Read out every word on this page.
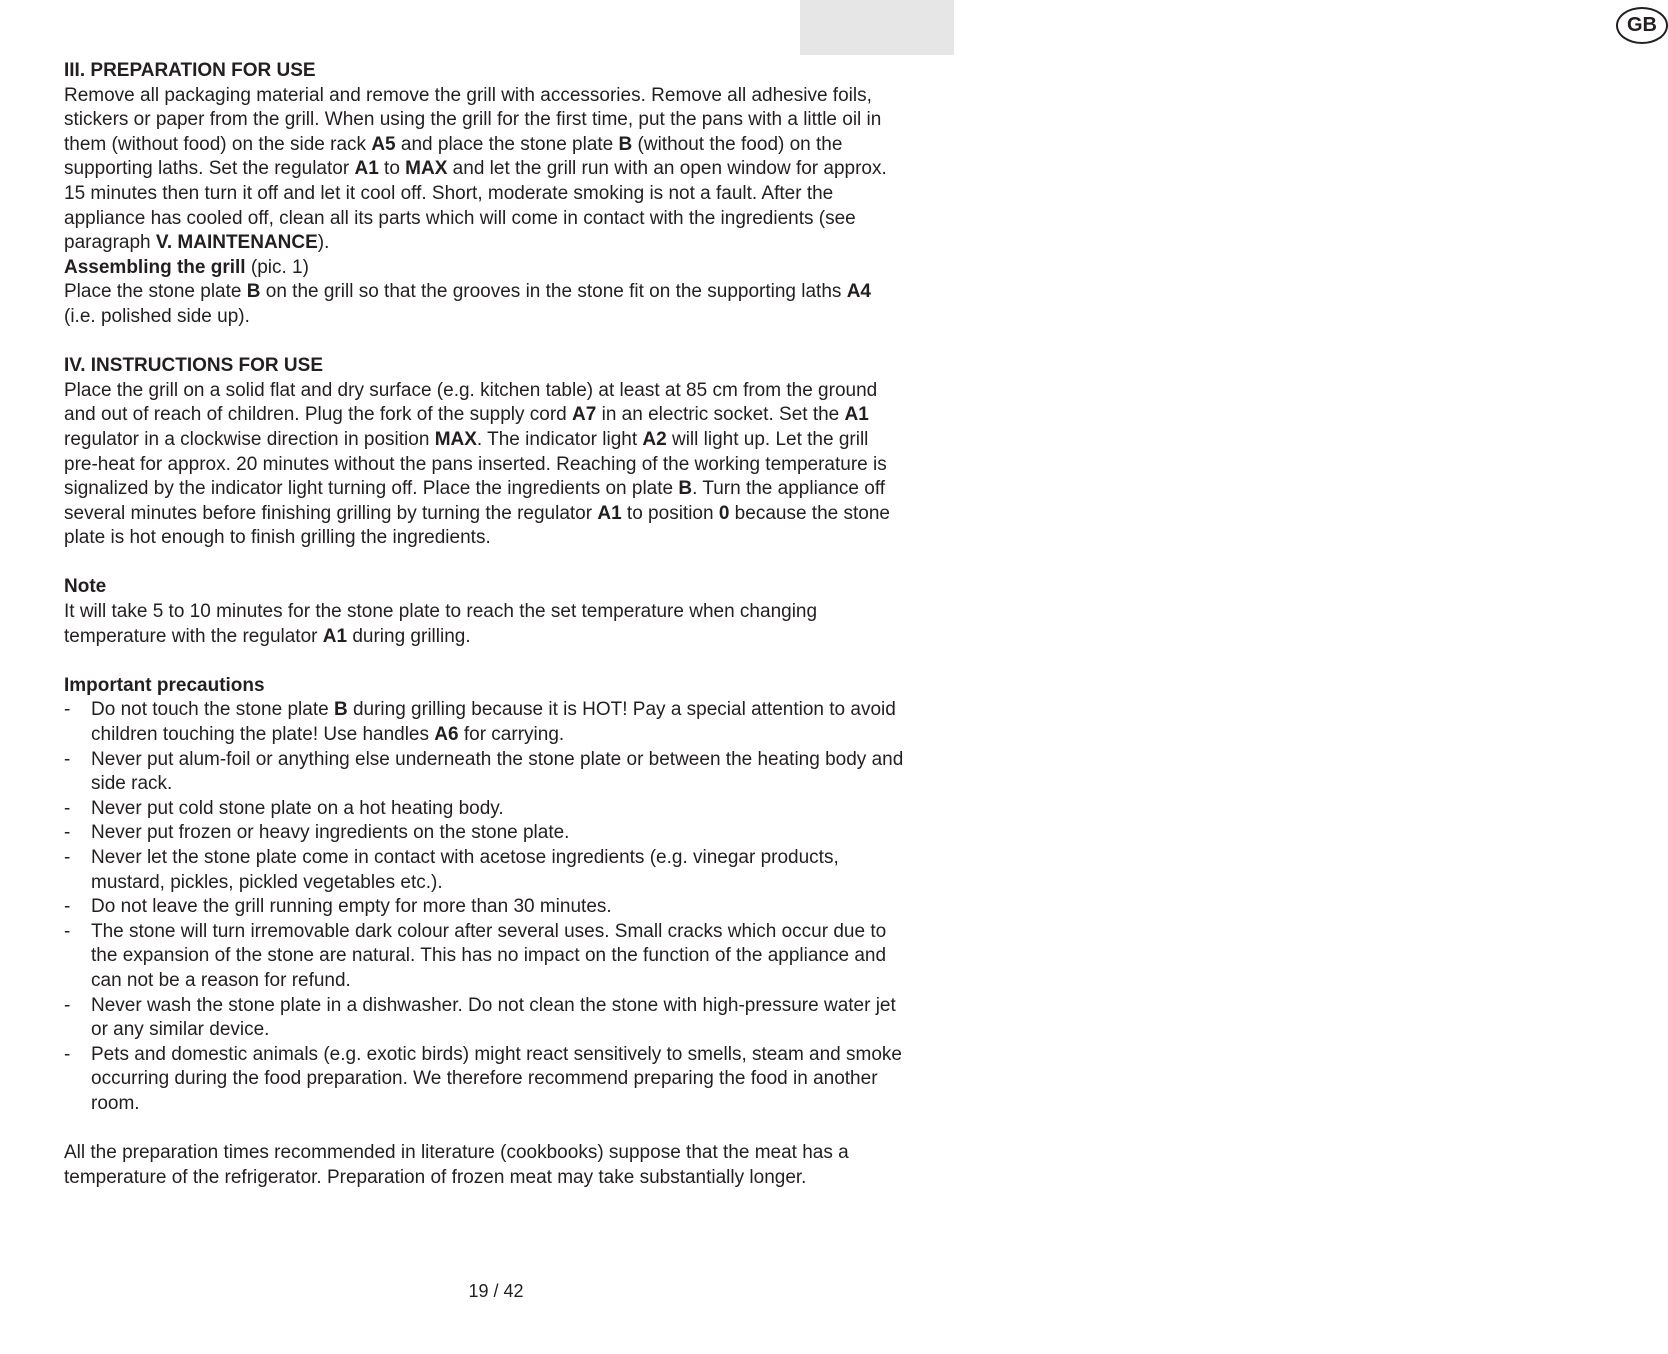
GB

III. PREPARATION FOR USE

Remove all packaging material and remove the grill with accessories. Remove all adhesive foils, stickers or paper from the grill. When using the grill for the first time, put the pans with a little oil in them (without food) on the side rack A5 and place the stone plate B (without the food) on the supporting laths. Set the regulator A1 to MAX and let the grill run with an open window for approx. 15 minutes then turn it off and let it cool off. Short, moderate smoking is not a fault. After the appliance has cooled off, clean all its parts which will come in contact with the ingredients (see paragraph V. MAINTENANCE).

Assembling the grill (pic. 1)

Place the stone plate B on the grill so that the grooves in the stone fit on the supporting laths A4 (i.e. polished side up).

IV. INSTRUCTIONS FOR USE

Place the grill on a solid flat and dry surface (e.g. kitchen table) at least at 85 cm from the ground and out of reach of children. Plug the fork of the supply cord A7 in an electric socket. Set the A1 regulator in a clockwise direction in position MAX. The indicator light A2 will light up. Let the grill pre-heat for approx. 20 minutes without the pans inserted. Reaching of the working temperature is signalized by the indicator light turning off. Place the ingredients on plate B. Turn the appliance off several minutes before finishing grilling by turning the regulator A1 to position 0 because the stone plate is hot enough to finish grilling the ingredients.

Note

It will take 5 to 10 minutes for the stone plate to reach the set temperature when changing temperature with the regulator A1 during grilling.

Important precautions

- Do not touch the stone plate B during grilling because it is HOT! Pay a special attention to avoid children touching the plate! Use handles A6 for carrying.
- Never put alum-foil or anything else underneath the stone plate or between the heating body and side rack.
- Never put cold stone plate on a hot heating body.
- Never put frozen or heavy ingredients on the stone plate.
- Never let the stone plate come in contact with acetose ingredients (e.g. vinegar products, mustard, pickles, pickled vegetables etc.).
- Do not leave the grill running empty for more than 30 minutes.
- The stone will turn irremovable dark colour after several uses. Small cracks which occur due to the expansion of the stone are natural. This has no impact on the function of the appliance and can not be a reason for refund.
- Never wash the stone plate in a dishwasher. Do not clean the stone with high-pressure water jet or any similar device.
- Pets and domestic animals (e.g. exotic birds) might react sensitively to smells, steam and smoke occurring during the food preparation. We therefore recommend preparing the food in another room.

All the preparation times recommended in literature (cookbooks) suppose that the meat has a temperature of the refrigerator. Preparation of frozen meat may take substantially longer.

19 / 42
